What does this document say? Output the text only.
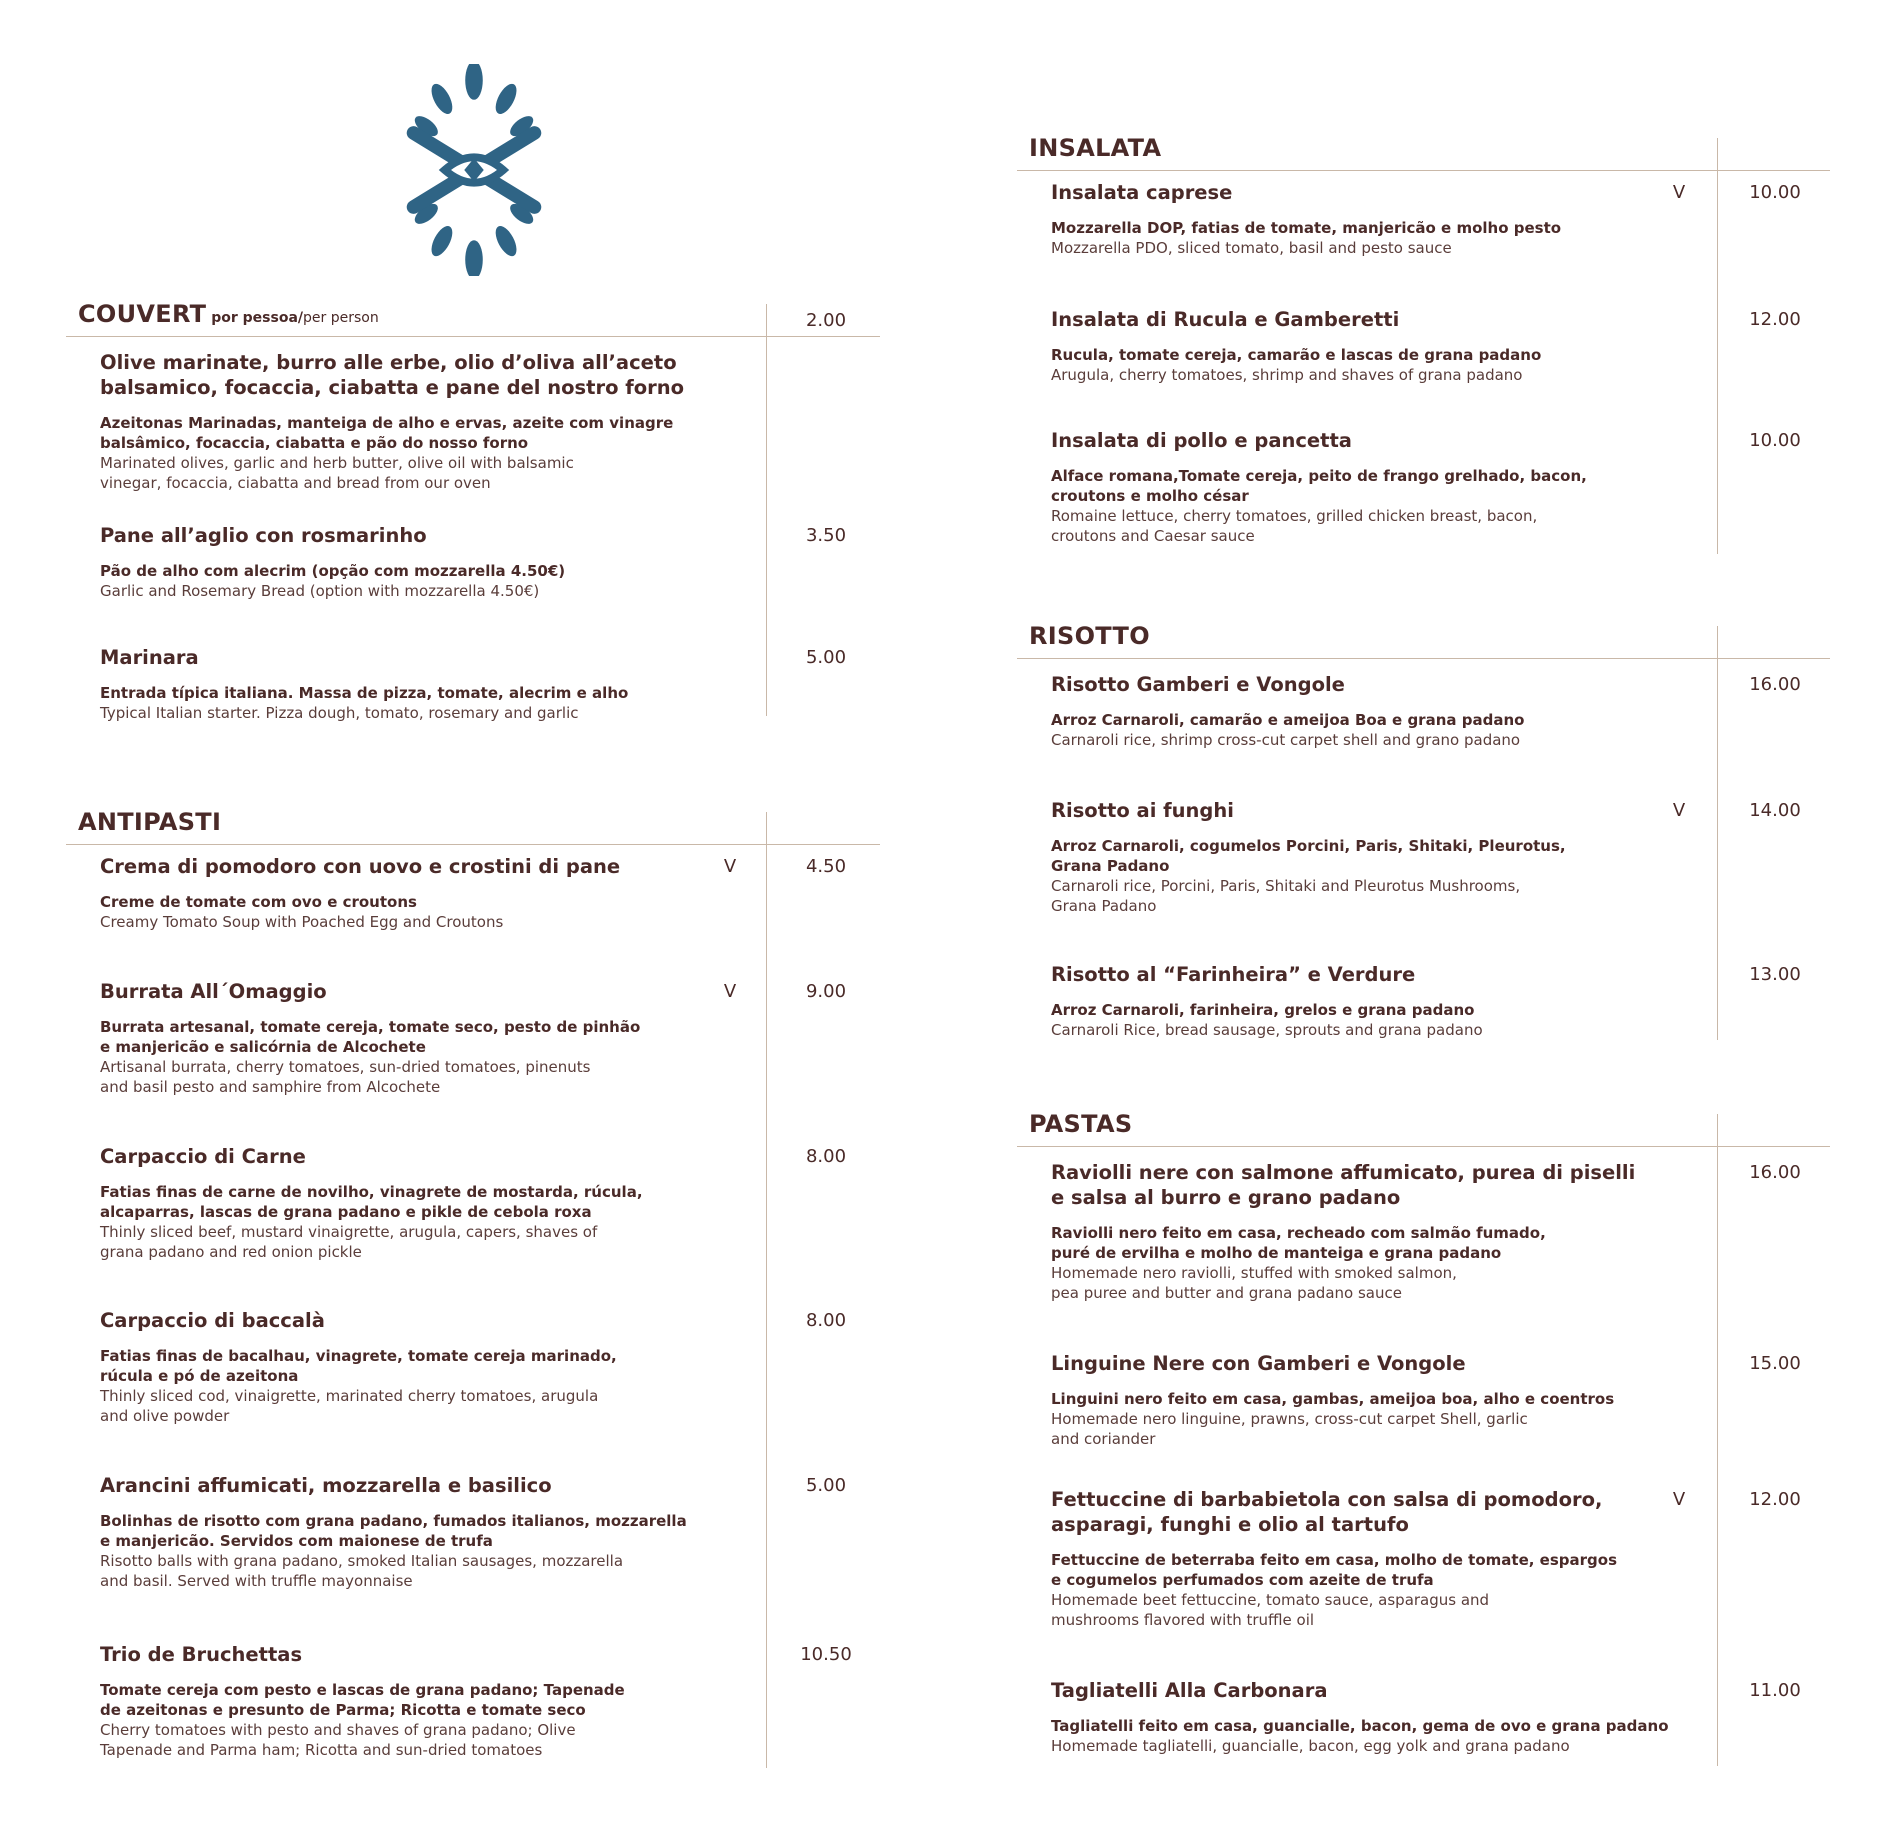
COUVERT por pessoa/per person	2.00
Olive marinate, burro alle erbe, olio d’oliva all’aceto
balsamico, focaccia, ciabatta e pane del nostro forno

Azeitonas Marinadas, manteiga de alho e ervas, azeite com vinagre
balsâmico, focaccia, ciabatta e pão do nosso forno

Marinated olives, garlic and herb butter, olive oil with balsamic
vinegar, focaccia, ciabatta and bread from our oven

Pane all’aglio con rosmarinho

Pão de alho com alecrim (opção com mozzarella 4.50€)

Garlic and Rosemary Bread (option with mozzarella 4.50€)

3.50
Marinara

Entrada típica italiana. Massa de pizza, tomate, alecrim e alho

Typical Italian starter. Pizza dough, tomato, rosemary and garlic

5.00
ANTIPASTI
Crema di pomodoro con uovo e crostini di pane

Creme de tomate com ovo e croutons

Creamy Tomato Soup with Poached Egg and Croutons

V	4.50
Burrata All´Omaggio

Burrata artesanal, tomate cereja, tomate seco, pesto de pinhão
e manjericão e salicórnia de Alcochete

Artisanal burrata, cherry tomatoes, sun-dried tomatoes, pinenuts
and basil pesto and samphire from Alcochete

V	9.00
Carpaccio di Carne

Fatias finas de carne de novilho, vinagrete de mostarda, rúcula,
alcaparras, lascas de grana padano e pikle de cebola roxa

Thinly sliced beef, mustard vinaigrette, arugula, capers, shaves of
grana padano and red onion pickle

8.00
Carpaccio di baccalà

Fatias finas de bacalhau, vinagrete, tomate cereja marinado,
rúcula e pó de azeitona

Thinly sliced cod, vinaigrette, marinated cherry tomatoes, arugula
and olive powder

8.00
Arancini affumicati, mozzarella e basilico

Bolinhas de risotto com grana padano, fumados italianos, mozzarella
e manjericão. Servidos com maionese de trufa

Risotto balls with grana padano, smoked Italian sausages, mozzarella
and basil. Served with truffle mayonnaise

5.00
Trio de Bruchettas

Tomate cereja com pesto e lascas de grana padano; Tapenade
de azeitonas e presunto de Parma; Ricotta e tomate seco

Cherry tomatoes with pesto and shaves of grana padano; Olive
Tapenade and Parma ham; Ricotta and sun-dried tomatoes

10.50
INSALATA
Insalata caprese

Mozzarella DOP, fatias de tomate, manjericão e molho pesto

Mozzarella PDO, sliced tomato, basil and pesto sauce

V	10.00
Insalata di Rucula e Gamberetti

Rucula, tomate cereja, camarão e lascas de grana padano

Arugula, cherry tomatoes, shrimp and shaves of grana padano

12.00
Insalata di pollo e pancetta

Alface romana,Tomate cereja, peito de frango grelhado, bacon,
croutons e molho césar

Romaine lettuce, cherry tomatoes, grilled chicken breast, bacon,
croutons and Caesar sauce

10.00
RISOTTO
Risotto Gamberi e Vongole

Arroz Carnaroli, camarão e ameijoa Boa e grana padano

Carnaroli rice, shrimp cross-cut carpet shell and grano padano

16.00
Risotto ai funghi

Arroz Carnaroli, cogumelos Porcini, Paris, Shitaki, Pleurotus,
Grana Padano

Carnaroli rice, Porcini, Paris, Shitaki and Pleurotus Mushrooms,
Grana Padano

V	14.00
Risotto al “Farinheira” e Verdure

Arroz Carnaroli, farinheira, grelos e grana padano

Carnaroli Rice, bread sausage, sprouts and grana padano

13.00
PASTAS
Raviolli nere con salmone affumicato, purea di piselli
e salsa al burro e grano padano

Raviolli nero feito em casa, recheado com salmão fumado,
puré de ervilha e molho de manteiga e grana padano

Homemade nero raviolli, stuffed with smoked salmon,
pea puree and butter and grana padano sauce

16.00
Linguine Nere con Gamberi e Vongole

Linguini nero feito em casa, gambas, ameijoa boa, alho e coentros

Homemade nero linguine, prawns, cross-cut carpet Shell, garlic
and coriander

15.00
Fettuccine di barbabietola con salsa di pomodoro,
asparagi, funghi e olio al tartufo

Fettuccine de beterraba feito em casa, molho de tomate, espargos
e cogumelos perfumados com azeite de trufa

Homemade beet fettuccine, tomato sauce, asparagus and
mushrooms flavored with truffle oil

V	12.00
Tagliatelli Alla Carbonara

Tagliatelli feito em casa, guancialle, bacon, gema de ovo e grana padano

Homemade tagliatelli, guancialle, bacon, egg yolk and grana padano

11.00
